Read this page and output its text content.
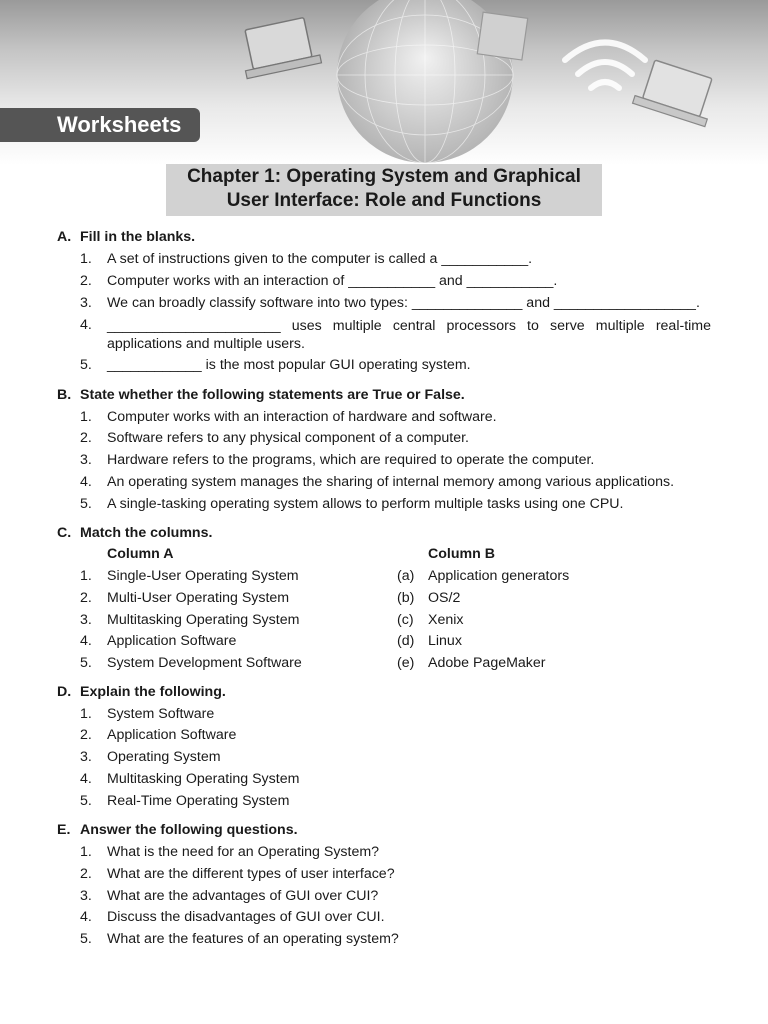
Worksheets
Chapter 1: Operating System and Graphical
User Interface: Role and Functions
A. Fill in the blanks.
1. A set of instructions given to the computer is called a ___________.
2. Computer works with an interaction of ___________ and ___________.
3. We can broadly classify software into two types: ______________ and __________________.
4. ______________________ uses multiple central processors to serve multiple real-time applications and multiple users.
5. ____________ is the most popular GUI operating system.
B. State whether the following statements are True or False.
1. Computer works with an interaction of hardware and software.
2. Software refers to any physical component of a computer.
3. Hardware refers to the programs, which are required to operate the computer.
4. An operating system manages the sharing of internal memory among various applications.
5. A single-tasking operating system allows to perform multiple tasks using one CPU.
C. Match the columns.
Column A	Column B
1. Single-User Operating System	(a) Application generators
2. Multi-User Operating System	(b) OS/2
3. Multitasking Operating System	(c) Xenix
4. Application Software	(d) Linux
5. System Development Software	(e) Adobe PageMaker
D. Explain the following.
1. System Software
2. Application Software
3. Operating System
4. Multitasking Operating System
5. Real-Time Operating System
E. Answer the following questions.
1. What is the need for an Operating System?
2. What are the different types of user interface?
3. What are the advantages of GUI over CUI?
4. Discuss the disadvantages of GUI over CUI.
5. What are the features of an operating system?
